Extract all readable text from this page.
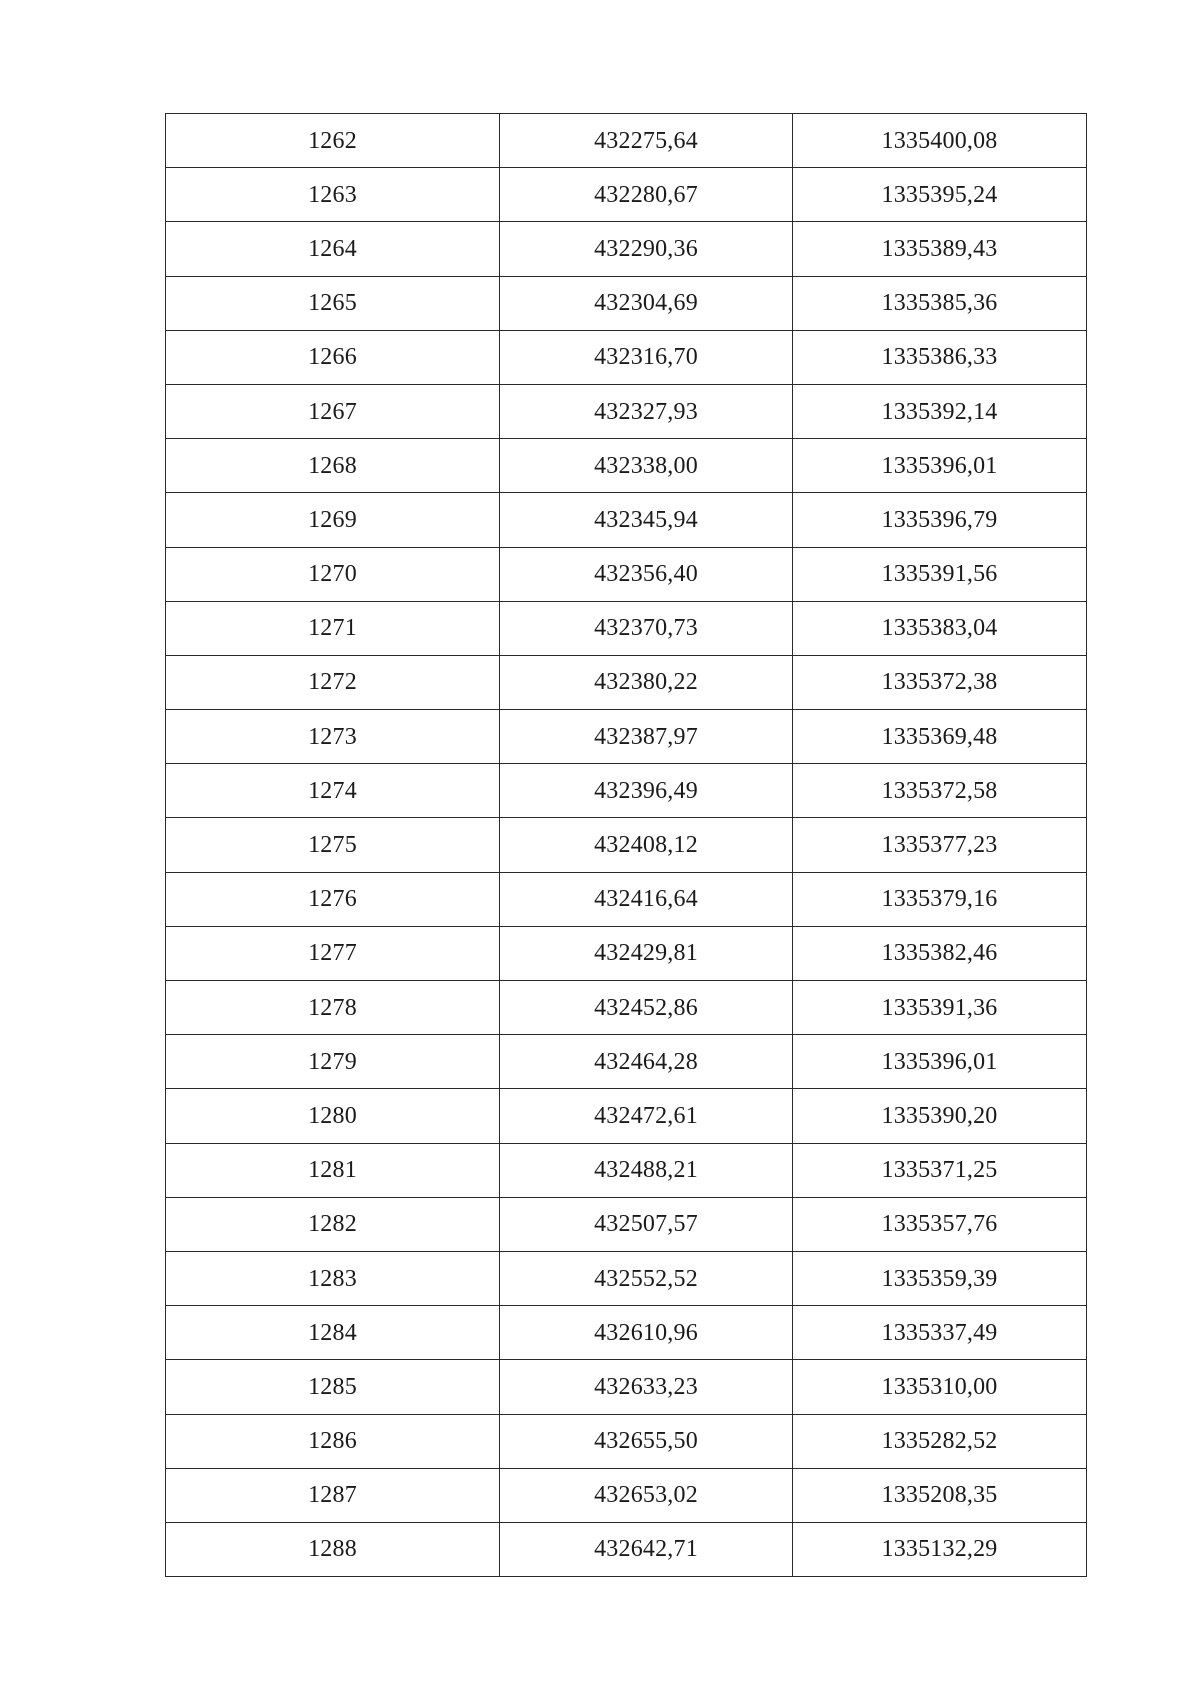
1262	432275,64	1335400,08
1263	432280,67	1335395,24
1264	432290,36	1335389,43
1265	432304,69	1335385,36
1266	432316,70	1335386,33
1267	432327,93	1335392,14
1268	432338,00	1335396,01
1269	432345,94	1335396,79
1270	432356,40	1335391,56
1271	432370,73	1335383,04
1272	432380,22	1335372,38
1273	432387,97	1335369,48
1274	432396,49	1335372,58
1275	432408,12	1335377,23
1276	432416,64	1335379,16
1277	432429,81	1335382,46
1278	432452,86	1335391,36
1279	432464,28	1335396,01
1280	432472,61	1335390,20
1281	432488,21	1335371,25
1282	432507,57	1335357,76
1283	432552,52	1335359,39
1284	432610,96	1335337,49
1285	432633,23	1335310,00
1286	432655,50	1335282,52
1287	432653,02	1335208,35
1288	432642,71	1335132,29
